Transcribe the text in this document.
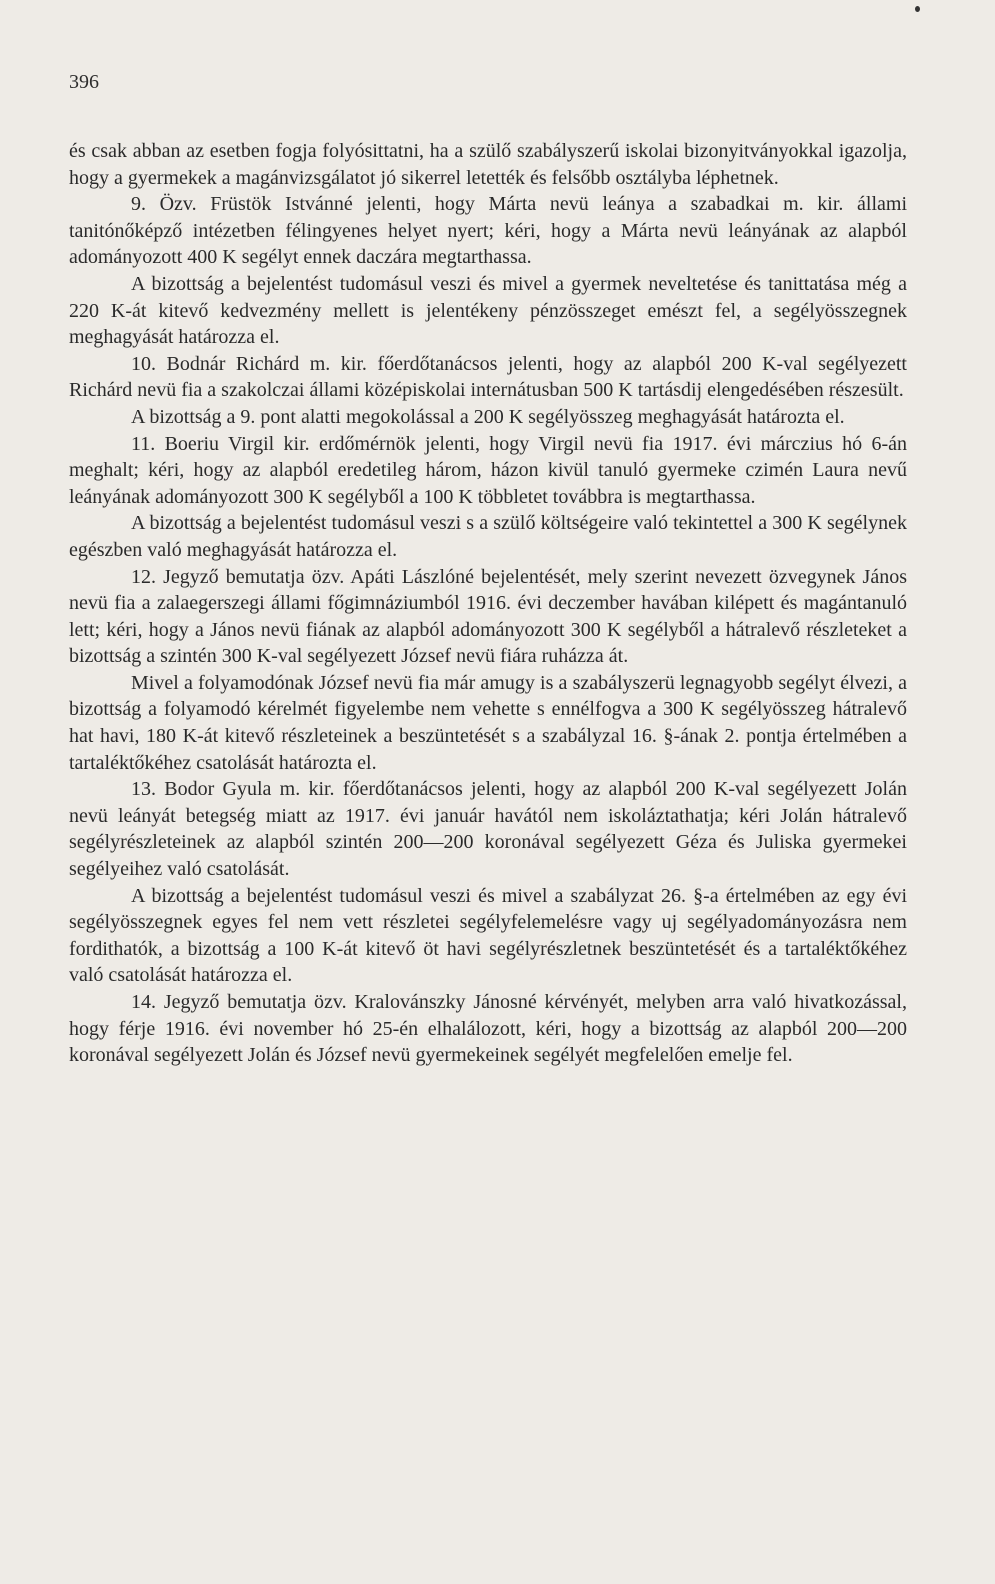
396

és csak abban az esetben fogja folyósittatni, ha a szülő szabályszerű iskolai bizonyitványokkal igazolja, hogy a gyermekek a magánvizsgálatot jó sikerrel letették és felsőbb osztályba léphetnek.

9. Özv. Früstök Istvánné jelenti, hogy Márta nevü leánya a szabadkai m. kir. állami tanitónőképző intézetben félingyenes helyet nyert; kéri, hogy a Márta nevü leányának az alapból adományozott 400 K segélyt ennek daczára megtarthassa.

A bizottság a bejelentést tudomásul veszi és mivel a gyermek neveltetése és tanittatása még a 220 K-át kitevő kedvezmény mellett is jelentékeny pénzösszeget emészt fel, a segélyösszegnek meghagyását határozza el.

10. Bodnár Richárd m. kir. főerdőtanácsos jelenti, hogy az alapból 200 K-val segélyezett Richárd nevü fia a szakolczai állami középiskolai internátusban 500 K tartásdij elengedésében részesült.

A bizottság a 9. pont alatti megokolással a 200 K segélyösszeg meghagyását határozta el.

11. Boeriu Virgil kir. erdőmérnök jelenti, hogy Virgil nevü fia 1917. évi márczius hó 6-án meghalt; kéri, hogy az alapból eredetileg három, házon kivül tanuló gyermeke czimén Laura nevű leányának adományozott 300 K segélyből a 100 K többletet továbbra is megtarthassa.

A bizottság a bejelentést tudomásul veszi s a szülő költségeire való tekintettel a 300 K segélynek egészben való meghagyását határozza el.

12. Jegyző bemutatja özv. Apáti Lászlóné bejelentését, mely szerint nevezett özvegynek János nevü fia a zalaegerszegi állami főgimnáziumból 1916. évi deczember havában kilépett és magántanuló lett; kéri, hogy a János nevü fiának az alapból adományozott 300 K segélyből a hátralevő részleteket a bizottság a szintén 300 K-val segélyezett József nevü fiára ruházza át.

Mivel a folyamodónak József nevü fia már amugy is a szabályszerü legnagyobb segélyt élvezi, a bizottság a folyamodó kérelmét figyelembe nem vehette s ennélfogva a 300 K segélyösszeg hátralevő hat havi, 180 K-át kitevő részleteinek a beszüntetését s a szabályzal 16. §-ának 2. pontja értelmében a tartaléktőkéhez csatolását határozta el.

13. Bodor Gyula m. kir. főerdőtanácsos jelenti, hogy az alapból 200 K-val segélyezett Jolán nevü leányát betegség miatt az 1917. évi január havától nem iskoláztathatja; kéri Jolán hátralevő segélyrészleteinek az alapból szintén 200—200 koronával segélyezett Géza és Juliska gyermekei segélyeihez való csatolását.

A bizottság a bejelentést tudomásul veszi és mivel a szabályzat 26. §-a értelmében az egy évi segélyösszegnek egyes fel nem vett részletei segélyfelemelésre vagy uj segélyadományozásra nem fordithatók, a bizottság a 100 K-át kitevő öt havi segélyrészletnek beszüntetését és a tartaléktőkéhez való csatolását határozza el.

14. Jegyző bemutatja özv. Kralovánszky Jánosné kérvényét, melyben arra való hivatkozással, hogy férje 1916. évi november hó 25-én elhalálozott, kéri, hogy a bizottság az alapból 200—200 koronával segélyezett Jolán és József nevü gyermekeinek segélyét megfelelően emelje fel.
